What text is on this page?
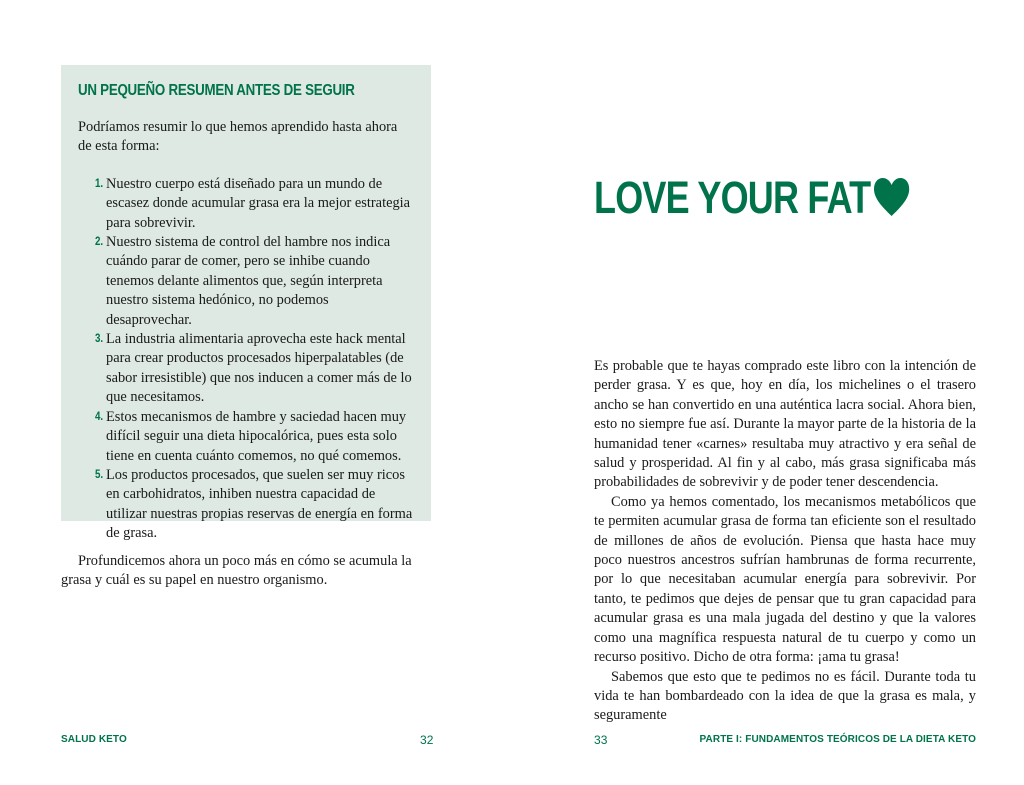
UN PEQUEÑO RESUMEN ANTES DE SEGUIR

Podríamos resumir lo que hemos aprendido hasta ahora de esta forma:

1. Nuestro cuerpo está diseñado para un mundo de escasez donde acumular grasa era la mejor estrategia para sobrevivir.
2. Nuestro sistema de control del hambre nos indica cuándo parar de comer, pero se inhibe cuando tenemos delante alimentos que, según interpreta nuestro sistema hedónico, no podemos desaprovechar.
3. La industria alimentaria aprovecha este hack mental para crear productos procesados hiperpalatables (de sabor irresistible) que nos inducen a comer más de lo que necesitamos.
4. Estos mecanismos de hambre y saciedad hacen muy difícil seguir una dieta hipocalórica, pues esta solo tiene en cuenta cuánto comemos, no qué comemos.
5. Los productos procesados, que suelen ser muy ricos en carbohidratos, inhiben nuestra capacidad de utilizar nuestras propias reservas de energía en forma de grasa.

Profundicemos ahora un poco más en cómo se acumula la grasa y cuál es su papel en nuestro organismo.

SALUD KETO	32
LOVE YOUR FAT

Es probable que te hayas comprado este libro con la intención de perder grasa. Y es que, hoy en día, los michelines o el trasero ancho se han convertido en una auténtica lacra social. Ahora bien, esto no siempre fue así. Durante la mayor parte de la historia de la humanidad tener «carnes» resultaba muy atractivo y era señal de salud y prosperidad. Al fin y al cabo, más grasa significaba más probabilidades de sobrevivir y de poder tener descendencia.

Como ya hemos comentado, los mecanismos metabólicos que te permiten acumular grasa de forma tan eficiente son el resultado de millones de años de evolución. Piensa que hasta hace muy poco nuestros ancestros sufrían hambrunas de forma recurrente, por lo que necesitaban acumular energía para sobrevivir. Por tanto, te pedimos que dejes de pensar que tu gran capacidad para acumular grasa es una mala jugada del destino y que la valores como una magnífica respuesta natural de tu cuerpo y como un recurso positivo. Dicho de otra forma: ¡ama tu grasa!

Sabemos que esto que te pedimos no es fácil. Durante toda tu vida te han bombardeado con la idea de que la grasa es mala, y seguramente

33	PARTE I: FUNDAMENTOS TEÓRICOS DE LA DIETA KETO
